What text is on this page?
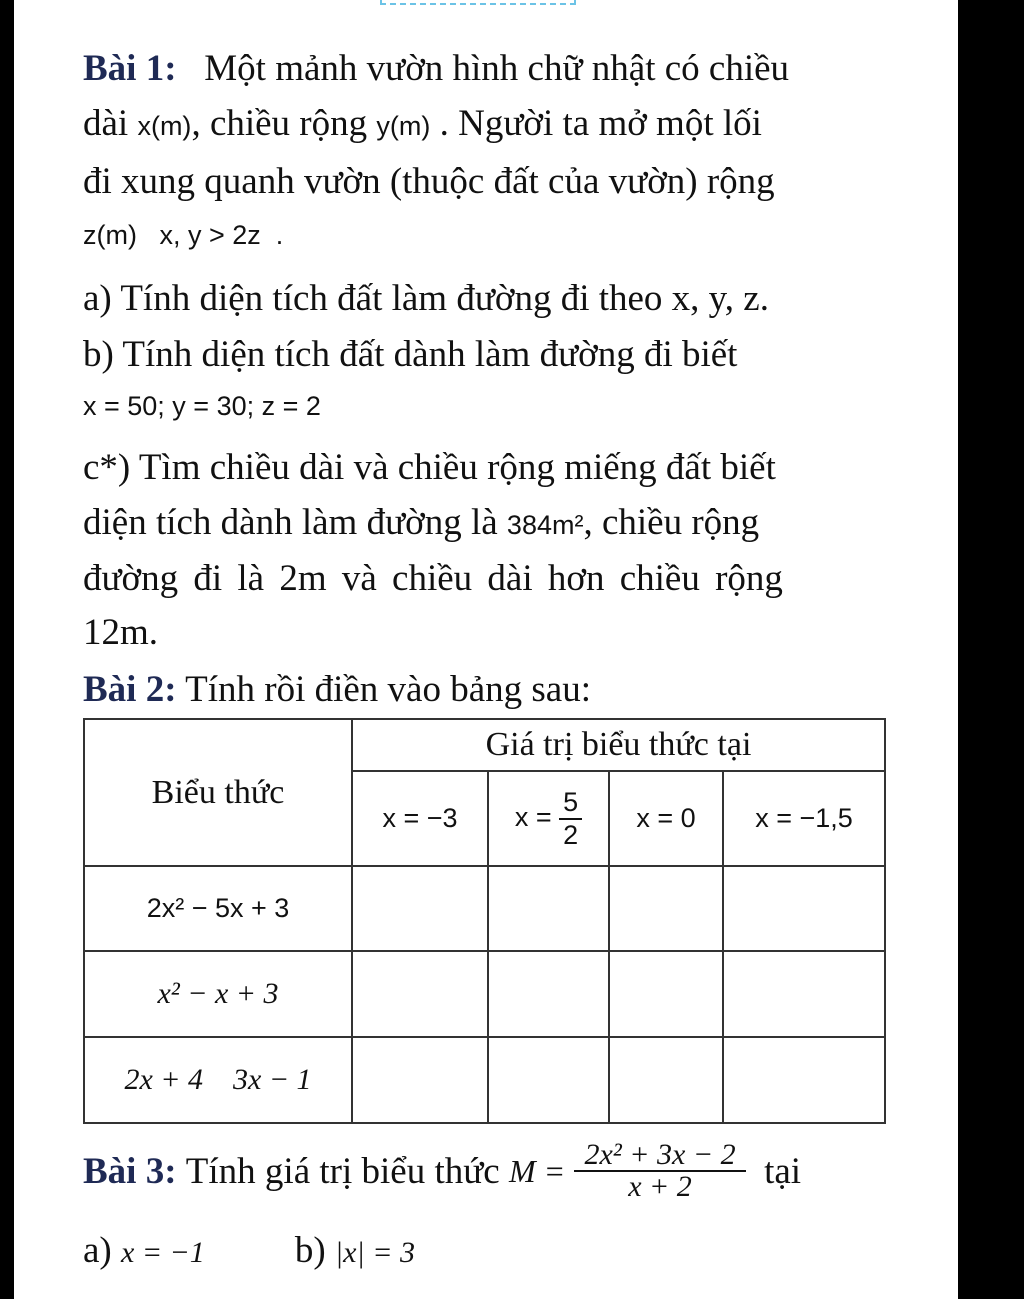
Bài 1: Một mảnh vườn hình chữ nhật có chiều
dài x(m), chiều rộng y(m) . Người ta mở một lối
đi xung quanh vườn (thuộc đất của vườn) rộng
z(m)   x, y > 2z  .
a) Tính diện tích đất làm đường đi theo x, y, z.
b) Tính diện tích đất dành làm đường đi biết
x = 50; y = 30; z = 2
c*) Tìm chiều dài và chiều rộng miếng đất biết
diện tích dành làm đường là 384m², chiều rộng
đường đi là 2m và chiều dài hơn chiều rộng
12m.
Bài 2: Tính rồi điền vào bảng sau:
Biểu thức	Giá trị biểu thức tại			
	x = −3	$x = \frac{5}{2}$	x = 0	x = −1,5
2x² − 5x + 3				
x² − x + 3				
2x + 4    3x − 1				
Bài 3:
Tính giá trị biểu thức
M =
$\frac{\text{2x² + 3x − 2}}{x + 2}$
tại
a) x = −1 b) |x| = 3
